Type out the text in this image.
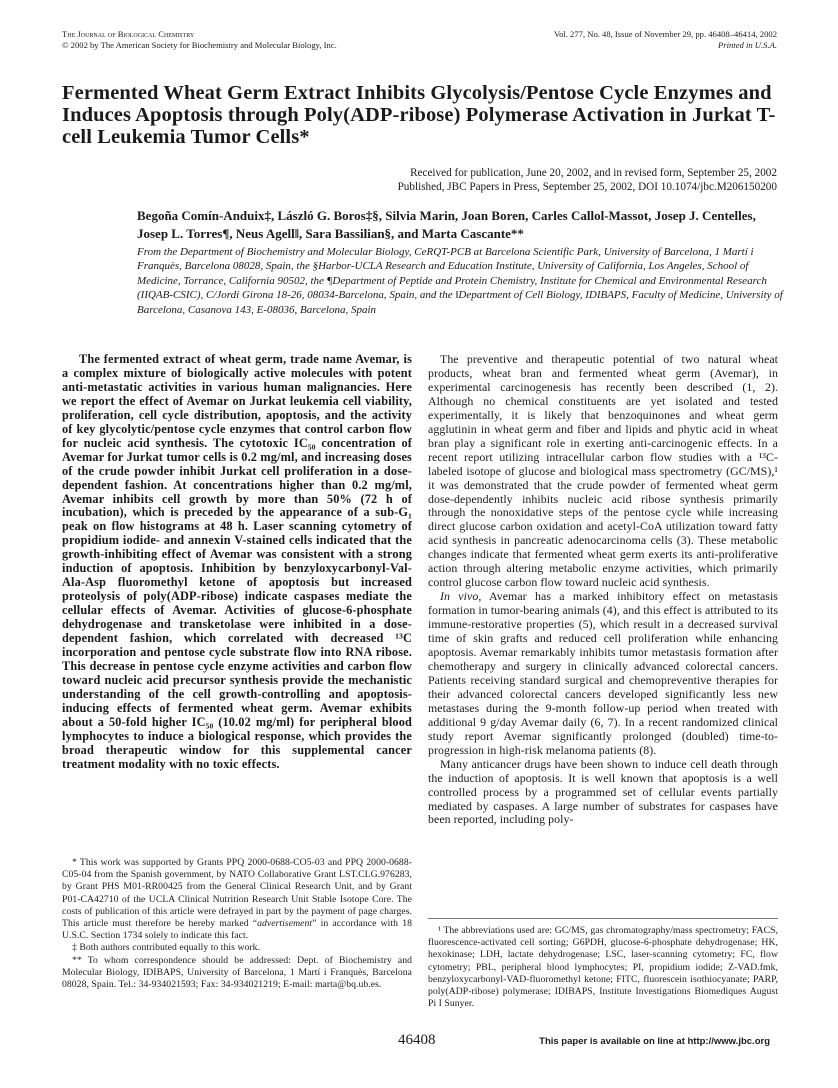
The Journal of Biological Chemistry
© 2002 by The American Society for Biochemistry and Molecular Biology, Inc.
Vol. 277, No. 48, Issue of November 29, pp. 46408–46414, 2002
Printed in U.S.A.
Fermented Wheat Germ Extract Inhibits Glycolysis/Pentose Cycle Enzymes and Induces Apoptosis through Poly(ADP-ribose) Polymerase Activation in Jurkat T-cell Leukemia Tumor Cells*
Received for publication, June 20, 2002, and in revised form, September 25, 2002
Published, JBC Papers in Press, September 25, 2002, DOI 10.1074/jbc.M206150200
Begoña Comín-Anduix‡, László G. Boros‡§, Silvia Marin, Joan Boren, Carles Callol-Massot, Josep J. Centelles, Josep L. Torres¶, Neus Agell‖, Sara Bassilian§, and Marta Cascante**
From the Department of Biochemistry and Molecular Biology, CeRQT-PCB at Barcelona Scientific Park, University of Barcelona, 1 Martí i Franquès, Barcelona 08028, Spain, the §Harbor-UCLA Research and Education Institute, University of California, Los Angeles, School of Medicine, Torrance, California 90502, the ¶Department of Peptide and Protein Chemistry, Institute for Chemical and Environmental Research (IIQAB-CSIC), C/Jordi Girona 18-26, 08034-Barcelona, Spain, and the ‖Department of Cell Biology, IDIBAPS, Faculty of Medicine, University of Barcelona, Casanova 143, E-08036, Barcelona, Spain

The fermented extract of wheat germ, trade name Avemar, is a complex mixture of biologically active molecules with potent anti-metastatic activities in various human malignancies. Here we report the effect of Avemar on Jurkat leukemia cell viability, proliferation, cell cycle distribution, apoptosis, and the activity of key glycolytic/pentose cycle enzymes that control carbon flow for nucleic acid synthesis. The cytotoxic IC₅₀ concentration of Avemar for Jurkat tumor cells is 0.2 mg/ml, and increasing doses of the crude powder inhibit Jurkat cell proliferation in a dose-dependent fashion. At concentrations higher than 0.2 mg/ml, Avemar inhibits cell growth by more than 50% (72 h of incubation), which is preceded by the appearance of a sub-G₁ peak on flow histograms at 48 h. Laser scanning cytometry of propidium iodide- and annexin V-stained cells indicated that the growth-inhibiting effect of Avemar was consistent with a strong induction of apoptosis. Inhibition by benzyloxycarbonyl-Val-Ala-Asp fluoromethyl ketone of apoptosis but increased proteolysis of poly(ADP-ribose) indicate caspases mediate the cellular effects of Avemar. Activities of glucose-6-phosphate dehydrogenase and transketolase were inhibited in a dose-dependent fashion, which correlated with decreased ¹³C incorporation and pentose cycle substrate flow into RNA ribose. This decrease in pentose cycle enzyme activities and carbon flow toward nucleic acid precursor synthesis provide the mechanistic understanding of the cell growth-controlling and apoptosis-inducing effects of fermented wheat germ. Avemar exhibits about a 50-fold higher IC₅₀ (10.02 mg/ml) for peripheral blood lymphocytes to induce a biological response, which provides the broad therapeutic window for this supplemental cancer treatment modality with no toxic effects.

The preventive and therapeutic potential of two natural wheat products, wheat bran and fermented wheat germ (Avemar), in experimental carcinogenesis has recently been described (1, 2). Although no chemical constituents are yet isolated and tested experimentally, it is likely that benzoquinones and wheat germ agglutinin in wheat germ and fiber and lipids and phytic acid in wheat bran play a significant role in exerting anti-carcinogenic effects. In a recent report utilizing intracellular carbon flow studies with a ¹³C-labeled isotope of glucose and biological mass spectrometry (GC/MS),¹ it was demonstrated that the crude powder of fermented wheat germ dose-dependently inhibits nucleic acid ribose synthesis primarily through the nonoxidative steps of the pentose cycle while increasing direct glucose carbon oxidation and acetyl-CoA utilization toward fatty acid synthesis in pancreatic adenocarcinoma cells (3). These metabolic changes indicate that fermented wheat germ exerts its anti-proliferative action through altering metabolic enzyme activities, which primarily control glucose carbon flow toward nucleic acid synthesis.

In vivo, Avemar has a marked inhibitory effect on metastasis formation in tumor-bearing animals (4), and this effect is attributed to its immune-restorative properties (5), which result in a decreased survival time of skin grafts and reduced cell proliferation while enhancing apoptosis. Avemar remarkably inhibits tumor metastasis formation after chemotherapy and surgery in clinically advanced colorectal cancers. Patients receiving standard surgical and chemopreventive therapies for their advanced colorectal cancers developed significantly less new metastases during the 9-month follow-up period when treated with additional 9 g/day Avemar daily (6, 7). In a recent randomized clinical study report Avemar significantly prolonged (doubled) time-to-progression in high-risk melanoma patients (8).

Many anticancer drugs have been shown to induce cell death through the induction of apoptosis. It is well known that apoptosis is a well controlled process by a programmed set of cellular events partially mediated by caspases. A large number of substrates for caspases have been reported, including poly-

* This work was supported by Grants PPQ 2000-0688-CO5-03 and PPQ 2000-0688-C05-04 from the Spanish government, by NATO Collaborative Grant LST.CLG.976283, by Grant PHS M01-RR00425 from the General Clinical Research Unit, and by Grant P01-CA42710 of the UCLA Clinical Nutrition Research Unit Stable Isotope Core. The costs of publication of this article were defrayed in part by the payment of page charges. This article must therefore be hereby marked “advertisement” in accordance with 18 U.S.C. Section 1734 solely to indicate this fact.

‡ Both authors contributed equally to this work.

** To whom correspondence should be addressed: Dept. of Biochemistry and Molecular Biology, IDIBAPS, University of Barcelona, 1 Martí i Franquès, Barcelona 08028, Spain. Tel.: 34-934021593; Fax: 34-934021219; E-mail: marta@bq.ub.es.

¹ The abbreviations used are: GC/MS, gas chromatography/mass spectrometry; FACS, fluorescence-activated cell sorting; G6PDH, glucose-6-phosphate dehydrogenase; HK, hexokinase; LDH, lactate dehydrogenase; LSC, laser-scanning cytometry; FC, flow cytometry; PBL, peripheral blood lymphocytes; PI, propidium iodide; Z-VAD.fmk, benzyloxycarbonyl-VAD-fluoromethyl ketone; FITC, fluorescein isothiocyanate; PARP, poly(ADP-ribose) polymerase; IDIBAPS, Institute Investigations Biomediques August Pi I Sunyer.

46408	This paper is available on line at http://www.jbc.org
